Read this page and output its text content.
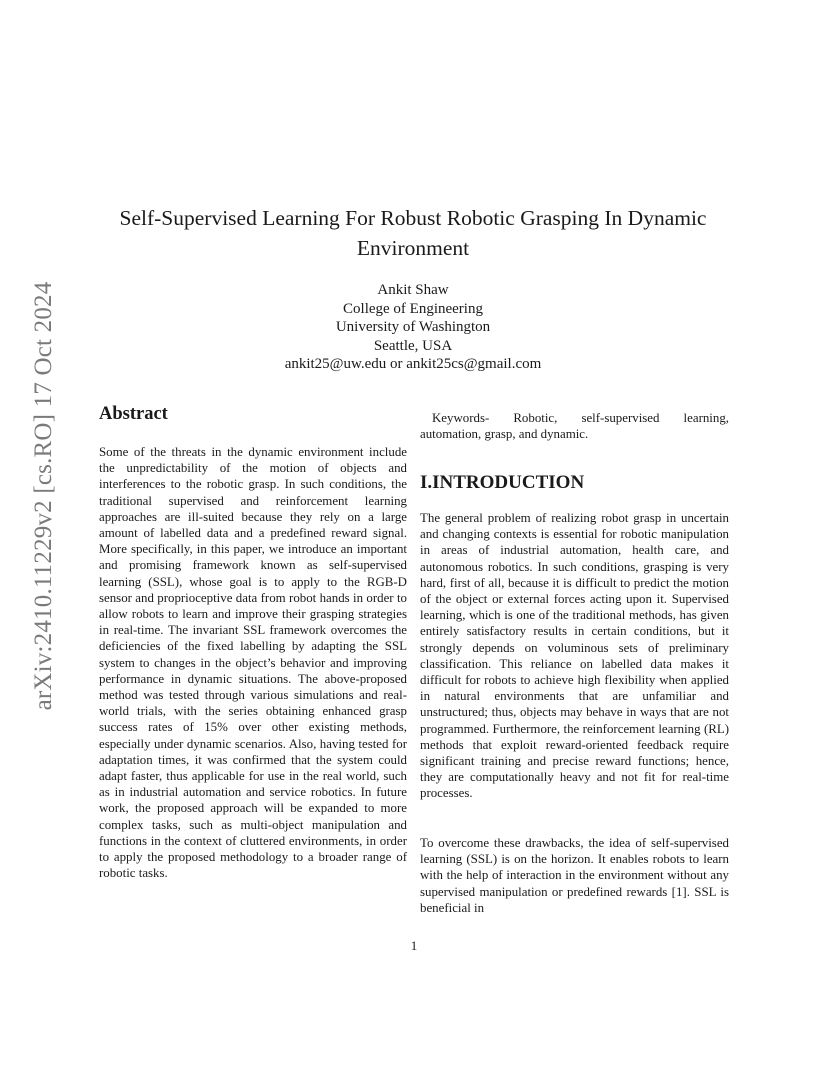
arXiv:2410.11229v2 [cs.RO] 17 Oct 2024
Self-Supervised Learning For Robust Robotic Grasping In Dynamic Environment
Ankit Shaw
College of Engineering
University of Washington
Seattle, USA
ankit25@uw.edu or ankit25cs@gmail.com
Abstract

Some of the threats in the dynamic environment include the unpredictability of the motion of objects and interferences to the robotic grasp. In such conditions, the traditional supervised and reinforcement learning approaches are ill-suited because they rely on a large amount of labelled data and a predefined reward signal. More specifically, in this paper, we introduce an important and promising framework known as self-supervised learning (SSL), whose goal is to apply to the RGB-D sensor and proprioceptive data from robot hands in order to allow robots to learn and improve their grasping strategies in real-time. The invariant SSL framework overcomes the deficiencies of the fixed labelling by adapting the SSL system to changes in the object’s behavior and improving performance in dynamic situations. The above-proposed method was tested through various simulations and real-world trials, with the series obtaining enhanced grasp success rates of 15% over other existing methods, especially under dynamic scenarios. Also, having tested for adaptation times, it was confirmed that the system could adapt faster, thus applicable for use in the real world, such as in industrial automation and service robotics. In future work, the proposed approach will be expanded to more complex tasks, such as multi-object manipulation and functions in the context of cluttered environments, in order to apply the proposed methodology to a broader range of robotic tasks.

Keywords- Robotic, self-supervised learning, automation, grasp, and dynamic.

I.INTRODUCTION

The general problem of realizing robot grasp in uncertain and changing contexts is essential for robotic manipulation in areas of industrial automation, health care, and autonomous robotics. In such conditions, grasping is very hard, first of all, because it is difficult to predict the motion of the object or external forces acting upon it. Supervised learning, which is one of the traditional methods, has given entirely satisfactory results in certain conditions, but it strongly depends on voluminous sets of preliminary classification. This reliance on labelled data makes it difficult for robots to achieve high flexibility when applied in natural environments that are unfamiliar and unstructured; thus, objects may behave in ways that are not programmed. Furthermore, the reinforcement learning (RL) methods that exploit reward-oriented feedback require significant training and precise reward functions; hence, they are computationally heavy and not fit for real-time processes.

To overcome these drawbacks, the idea of self-supervised learning (SSL) is on the horizon. It enables robots to learn with the help of interaction in the environment without any supervised manipulation or predefined rewards [1]. SSL is beneficial in

1
